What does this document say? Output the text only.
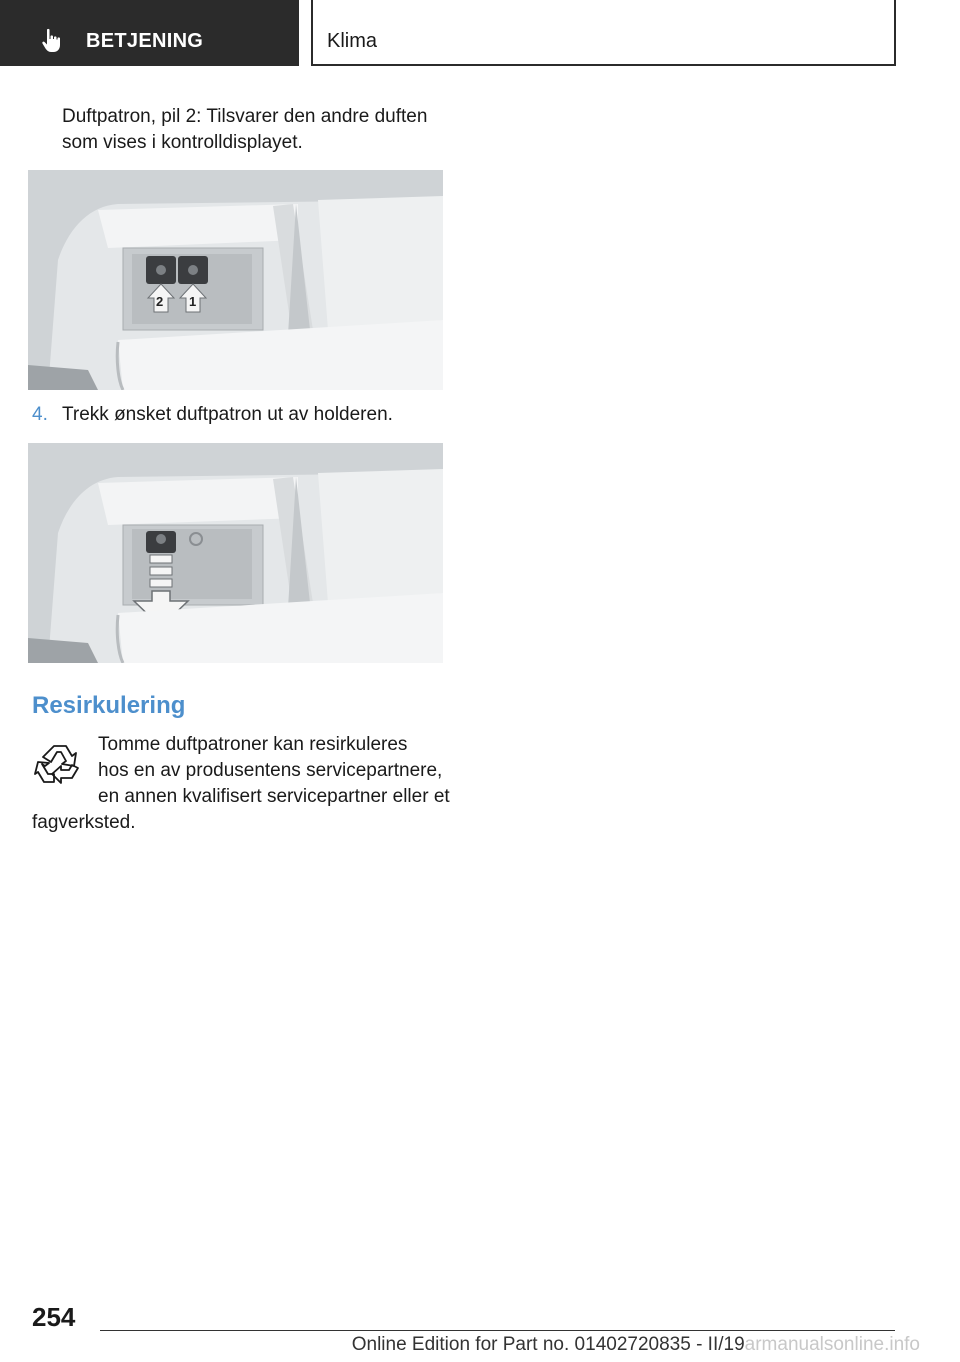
BETJENING	Klima

Duftpatron, pil 2: Tilsvarer den andre duften som vises i kontrolldisplayet.

2 1
4. Trekk ønsket duftpatron ut av holderen.
Resirkulering
Tomme duftpatroner kan resirkuleres
hos en av produsentens servicepartnere,
en annen kvalifisert servicepartner eller et
fagverksted.
254
Online Edition for Part no. 01402720835 - II/19armanualsonline.info
